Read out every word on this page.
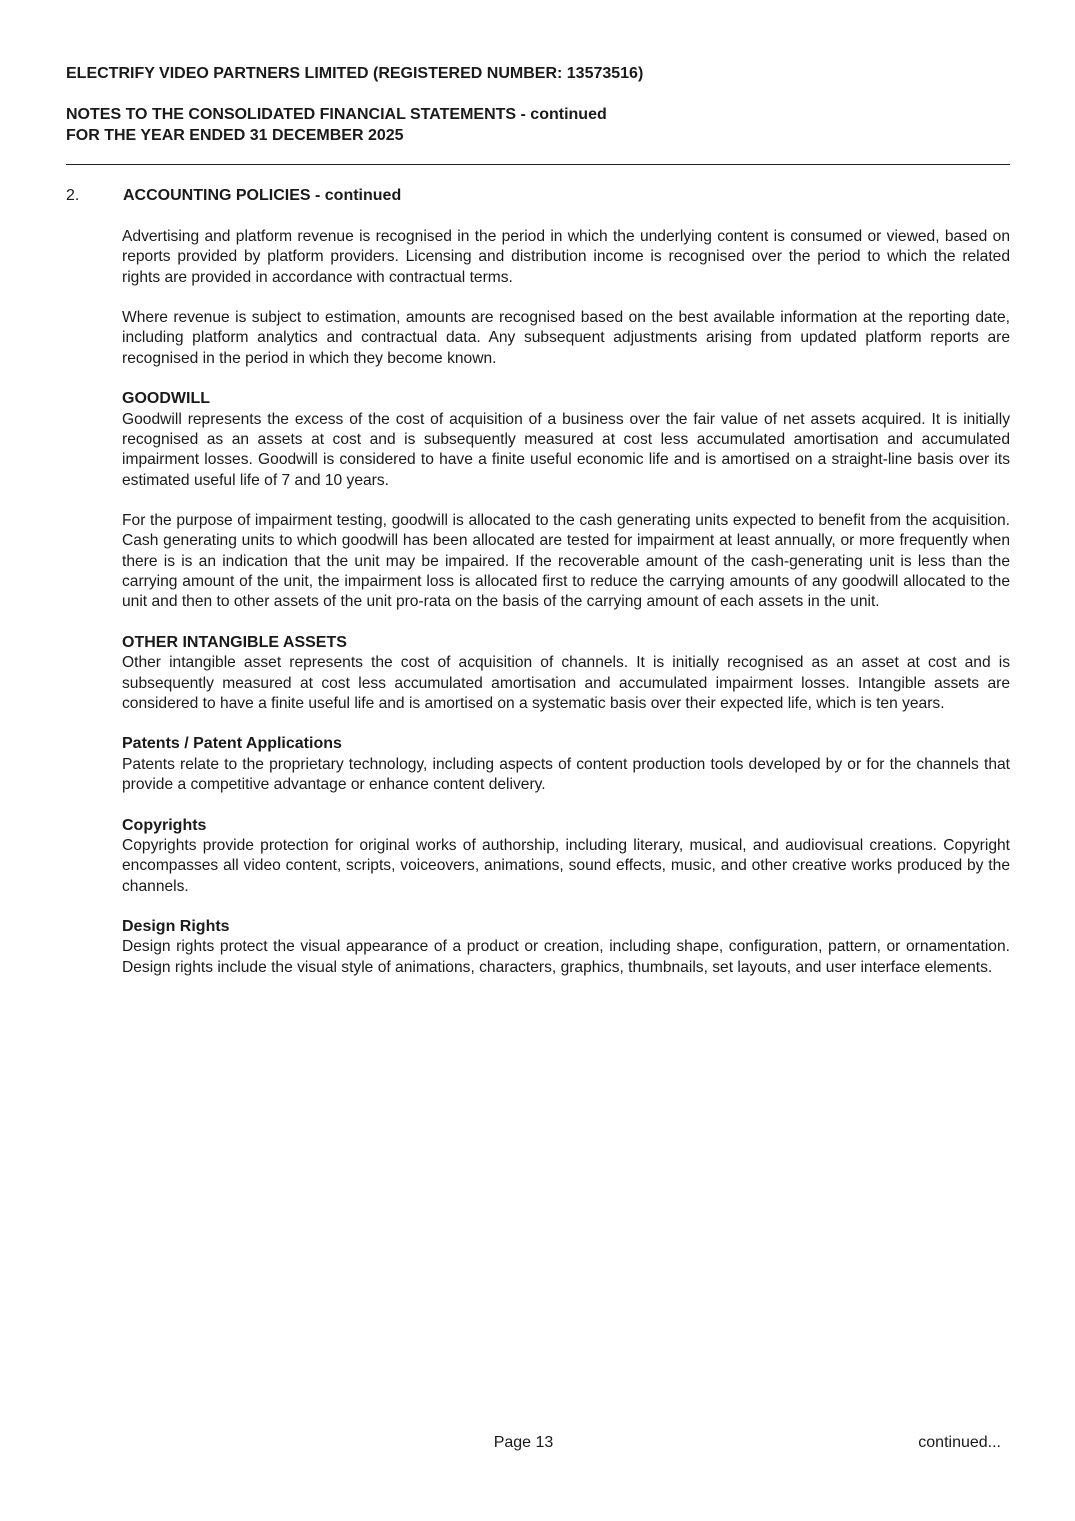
ELECTRIFY VIDEO PARTNERS LIMITED (REGISTERED NUMBER: 13573516)
NOTES TO THE CONSOLIDATED FINANCIAL STATEMENTS - continued
FOR THE YEAR ENDED 31 DECEMBER 2025
2.	ACCOUNTING POLICIES - continued

Advertising and platform revenue is recognised in the period in which the underlying content is consumed or viewed, based on reports provided by platform providers. Licensing and distribution income is recognised over the period to which the related rights are provided in accordance with contractual terms.

Where revenue is subject to estimation, amounts are recognised based on the best available information at the reporting date, including platform analytics and contractual data. Any subsequent adjustments arising from updated platform reports are recognised in the period in which they become known.

GOODWILL

Goodwill represents the excess of the cost of acquisition of a business over the fair value of net assets acquired. It is initially recognised as an assets at cost and is subsequently measured at cost less accumulated amortisation and accumulated impairment losses. Goodwill is considered to have a finite useful economic life and is amortised on a straight-line basis over its estimated useful life of 7 and 10 years.

For the purpose of impairment testing, goodwill is allocated to the cash generating units expected to benefit from the acquisition. Cash generating units to which goodwill has been allocated are tested for impairment at least annually, or more frequently when there is is an indication that the unit may be impaired. If the recoverable amount of the cash-generating unit is less than the carrying amount of the unit, the impairment loss is allocated first to reduce the carrying amounts of any goodwill allocated to the unit and then to other assets of the unit pro-rata on the basis of the carrying amount of each assets in the unit.

OTHER INTANGIBLE ASSETS

Other intangible asset represents the cost of acquisition of channels. It is initially recognised as an asset at cost and is subsequently measured at cost less accumulated amortisation and accumulated impairment losses. Intangible assets are considered to have a finite useful life and is amortised on a systematic basis over their expected life, which is ten years.

Patents / Patent Applications

Patents relate to the proprietary technology, including aspects of content production tools developed by or for the channels that provide a competitive advantage or enhance content delivery.

Copyrights

Copyrights provide protection for original works of authorship, including literary, musical, and audiovisual creations. Copyright encompasses all video content, scripts, voiceovers, animations, sound effects, music, and other creative works produced by the channels.

Design Rights

Design rights protect the visual appearance of a product or creation, including shape, configuration, pattern, or ornamentation. Design rights include the visual style of animations, characters, graphics, thumbnails, set layouts, and user interface elements.

Page 13	continued...
